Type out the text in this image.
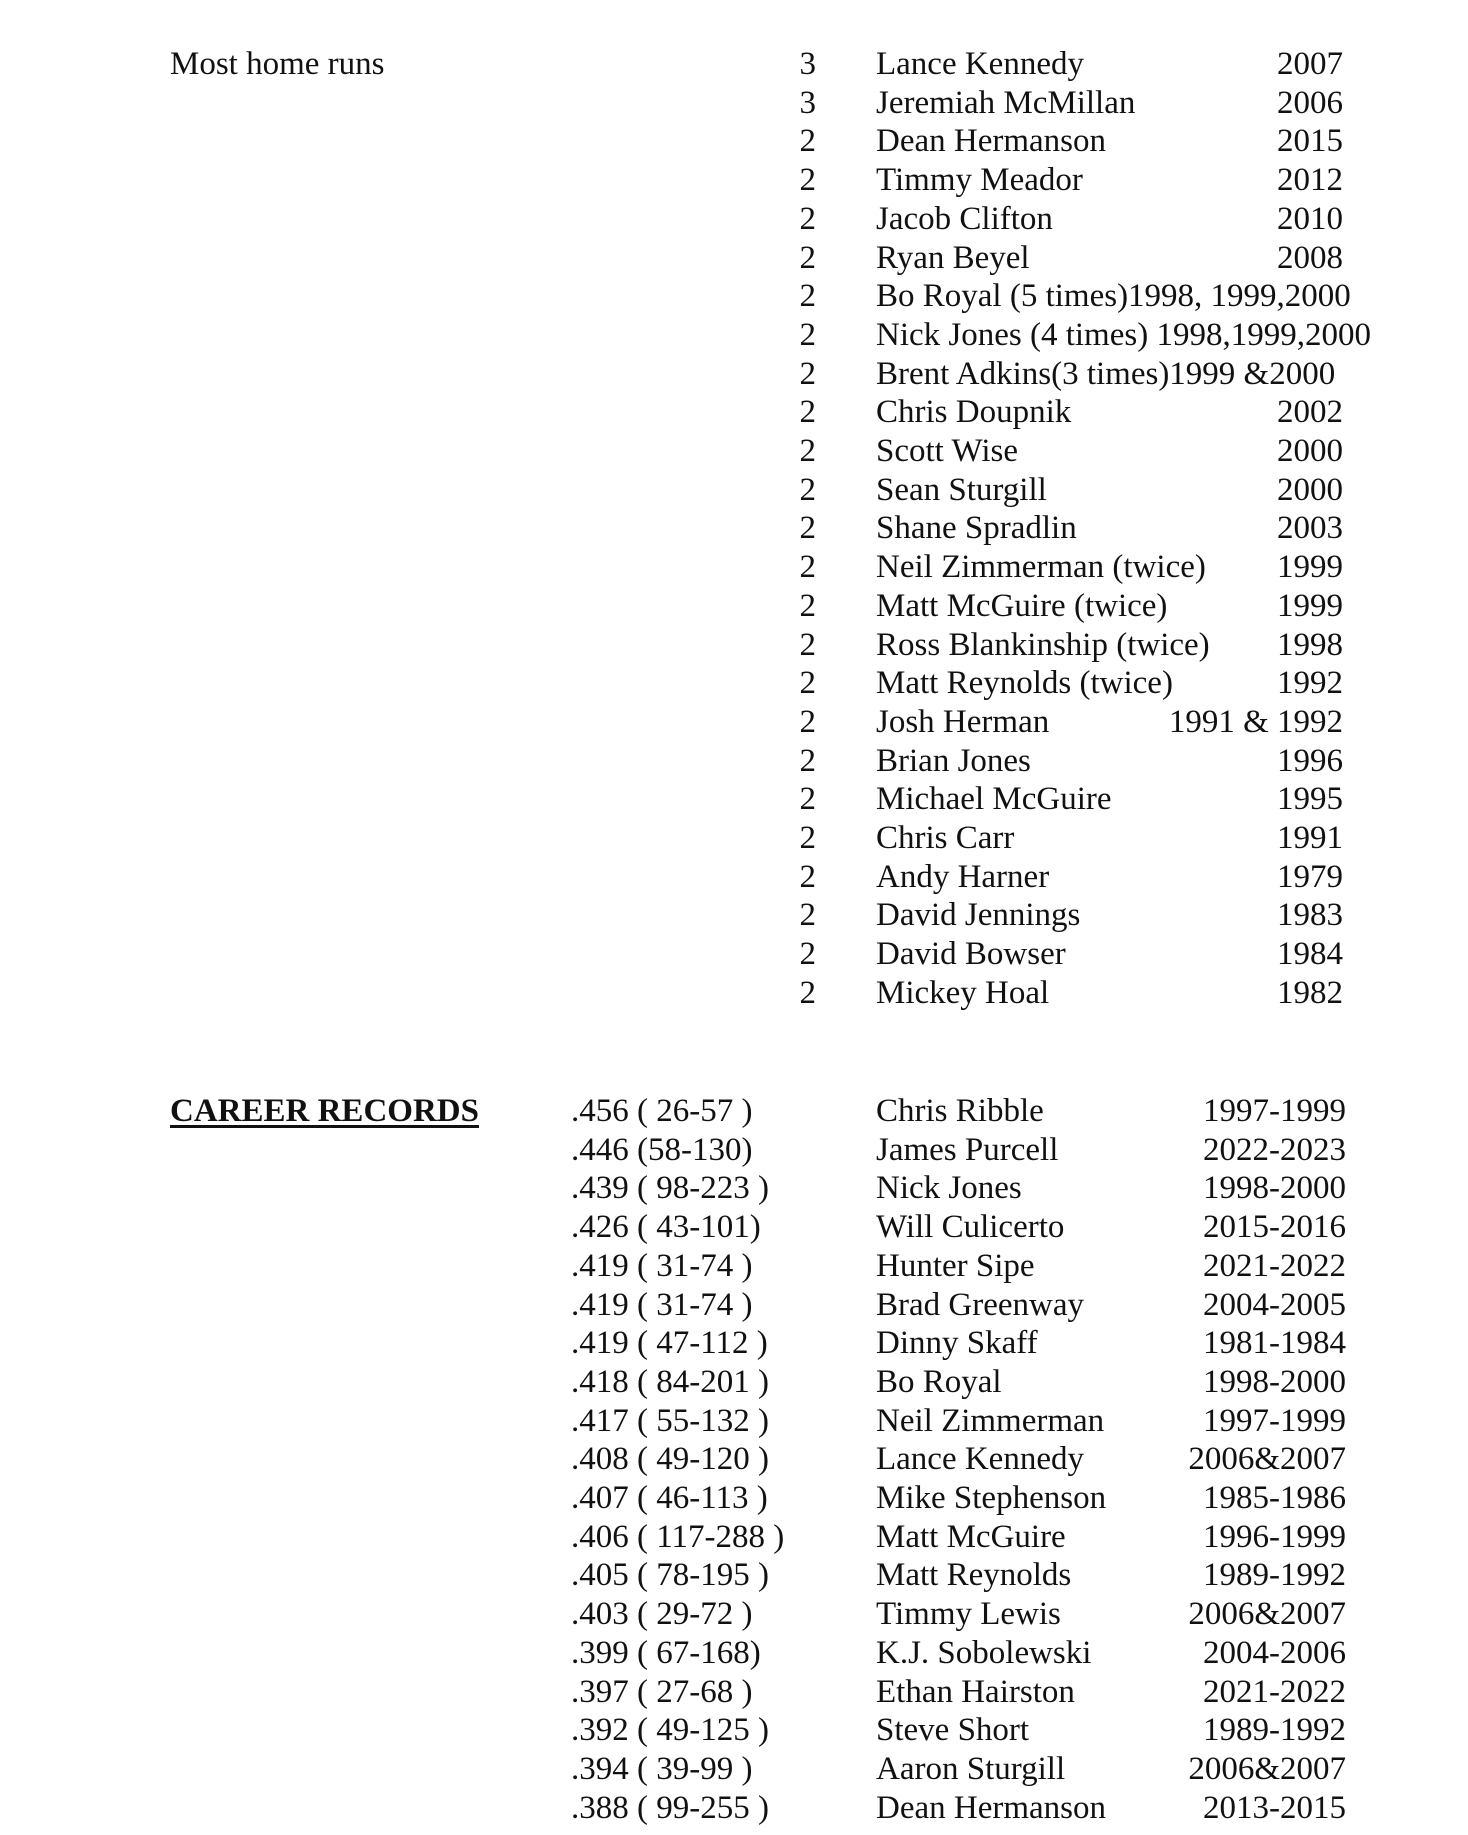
Most home runs	3 Lance Kennedy	2007
3 Jeremiah McMillan	2006
2 Dean Hermanson	2015
2 Timmy Meador	2012
2 Jacob Clifton	2010
2 Ryan Beyel	2008
2 Bo Royal (5 times)1998, 1999,2000
2 Nick Jones (4 times) 1998,1999,2000
2 Brent Adkins(3 times)1999 &2000
2 Chris Doupnik	2002
2 Scott Wise	2000
2 Sean Sturgill	2000
2 Shane Spradlin	2003
2 Neil Zimmerman (twice) 1999
2 Matt McGuire (twice)	1999
2 Ross Blankinship (twice) 1998
2 Matt Reynolds (twice)	1992
2 Josh Herman	1991 & 1992
2 Brian Jones	1996
2 Michael McGuire	1995
2 Chris Carr	1991
2 Andy Harner	1979
2 David Jennings	1983
2 David Bowser	1984
2 Mickey Hoal	1982
CAREER RECORDS	.456 ( 26-57 )	Chris Ribble	1997-1999
.446 (58-130)	James Purcell	2022-2023
.439 ( 98-223 )	Nick Jones	1998-2000
.426 ( 43-101)	Will Culicerto	2015-2016
.419 ( 31-74 )	Hunter Sipe	2021-2022
.419 ( 31-74 )	Brad Greenway	2004-2005
.419 ( 47-112 )	Dinny Skaff	1981-1984
.418 ( 84-201 )	Bo Royal	1998-2000
.417 ( 55-132 )	Neil Zimmerman	1997-1999
.408 ( 49-120 )	Lance Kennedy	2006&2007
.407 ( 46-113 )	Mike Stephenson	1985-1986
.406 ( 117-288 )	Matt McGuire	1996-1999
.405 ( 78-195 )	Matt Reynolds	1989-1992
.403 ( 29-72 )	Timmy Lewis	2006&2007
.399 ( 67-168)	K.J. Sobolewski	2004-2006
.397 ( 27-68 )	Ethan Hairston	2021-2022
.392 ( 49-125 )	Steve Short	1989-1992
.394 ( 39-99 )	Aaron Sturgill	2006&2007
.388 ( 99-255 )	Dean Hermanson	2013-2015
